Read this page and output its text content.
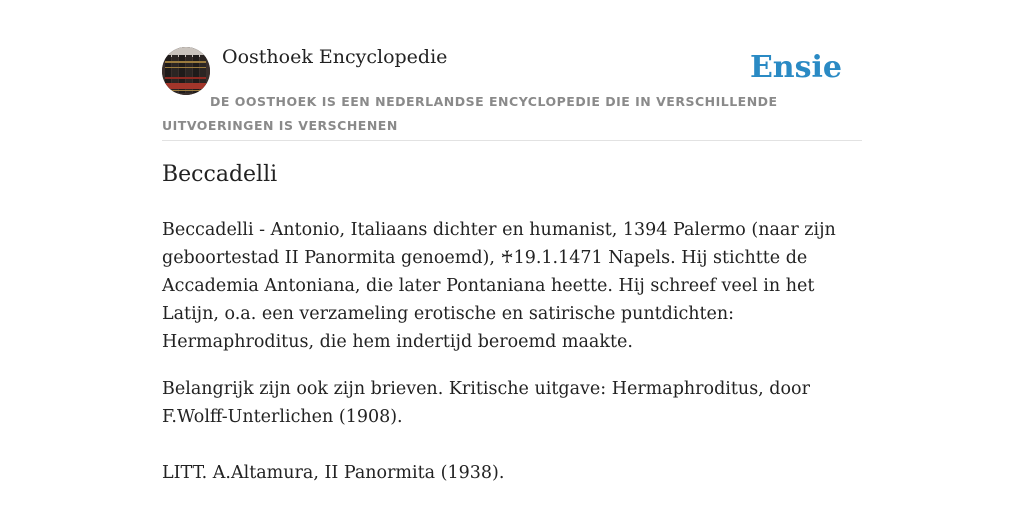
Oosthoek Encyclopedie	Ensie
DE OOSTHOEK IS EEN NEDERLANDSE ENCYCLOPEDIE DIE IN VERSCHILLENDE UITVOERINGEN IS VERSCHENEN
Beccadelli

Beccadelli - Antonio, Italiaans dichter en humanist, 1394 Palermo (naar zijn geboortestad II Panormita genoemd), ♰19.1.1471 Napels. Hij stichtte de Accademia Antoniana, die later Pontaniana heette. Hij schreef veel in het Latijn, o.a. een verzameling erotische en satirische puntdichten: Hermaphroditus, die hem indertijd beroemd maakte.

Belangrijk zijn ook zijn brieven. Kritische uitgave: Hermaphroditus, door F.Wolff-Unterlichen (1908).

LITT. A.Altamura, II Panormita (1938).
